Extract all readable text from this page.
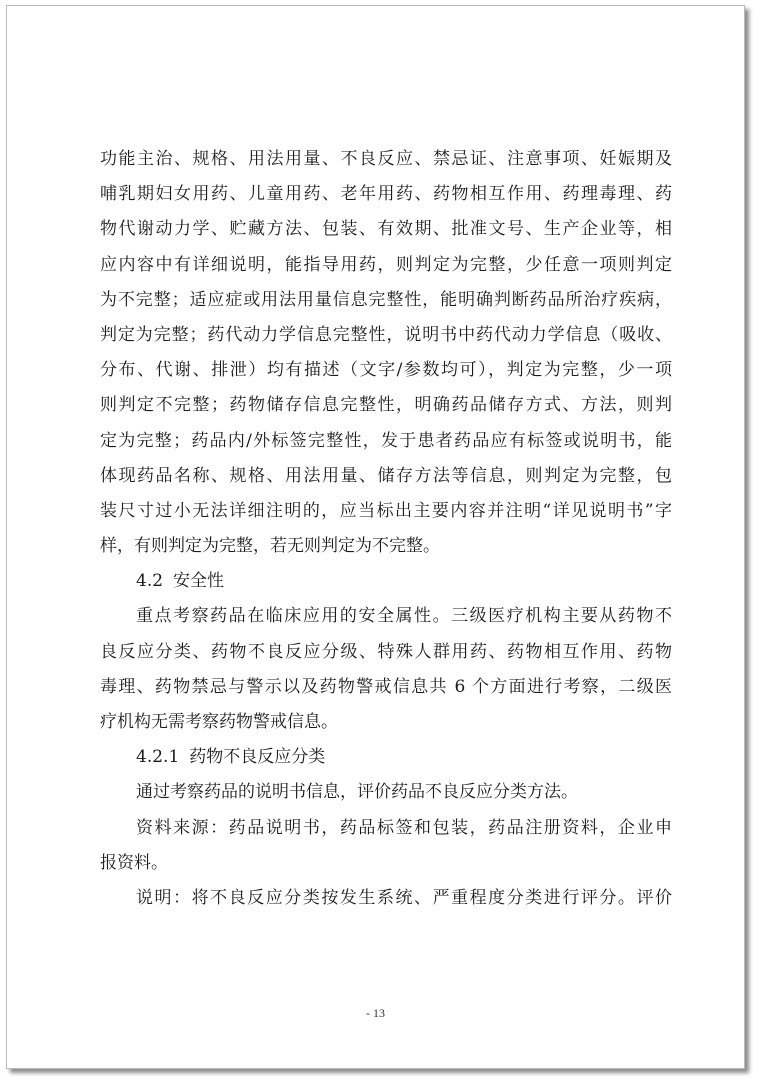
功能主治、规格、用法用量、不良反应、禁忌证、注意事项、妊娠期及
哺乳期妇女用药、儿童用药、老年用药、药物相互作用、药理毒理、药
物代谢动力学、贮藏方法、包装、有效期、批准文号、生产企业等，相
应内容中有详细说明，能指导用药，则判定为完整，少任意一项则判定
为不完整；适应症或用法用量信息完整性，能明确判断药品所治疗疾病，
判定为完整；药代动力学信息完整性，说明书中药代动力学信息（吸收、
分布、代谢、排泄）均有描述（文字/参数均可），判定为完整，少一项
则判定不完整；药物储存信息完整性，明确药品储存方式、方法，则判
定为完整；药品内/外标签完整性，发于患者药品应有标签或说明书，能
体现药品名称、规格、用法用量、储存方法等信息，则判定为完整，包
装尺寸过小无法详细注明的，应当标出主要内容并注明“详见说明书”字
样，有则判定为完整，若无则判定为不完整。
4.2 安全性
重点考察药品在临床应用的安全属性。三级医疗机构主要从药物不
良反应分类、药物不良反应分级、特殊人群用药、药物相互作用、药物
毒理、药物禁忌与警示以及药物警戒信息共 6 个方面进行考察，二级医
疗机构无需考察药物警戒信息。
4.2.1 药物不良反应分类
通过考察药品的说明书信息，评价药品不良反应分类方法。
资料来源：药品说明书，药品标签和包装，药品注册资料，企业申
报资料。
说明：将不良反应分类按发生系统、严重程度分类进行评分。评价
- 13
